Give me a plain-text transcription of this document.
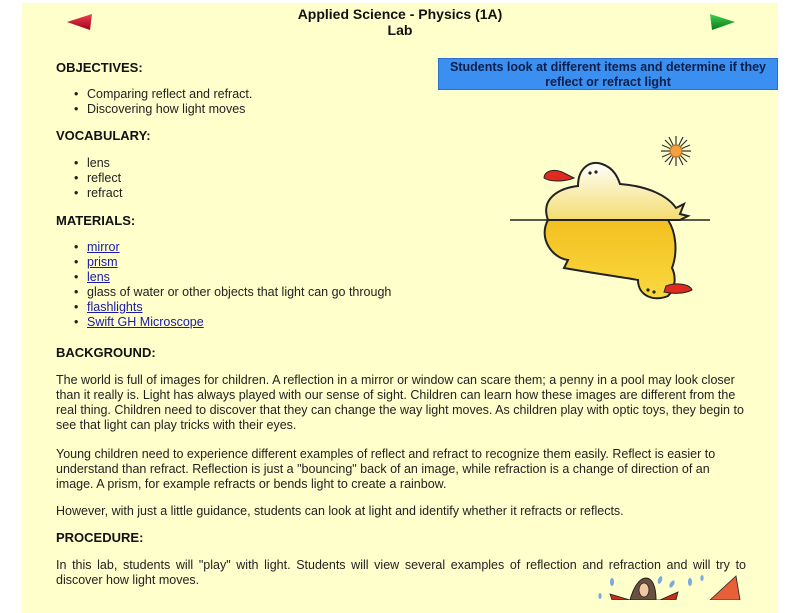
Applied Science - Physics (1A)
Lab
Students look at different items and determine if they reflect or refract light
OBJECTIVES:
• Comparing reflect and refract.
• Discovering how light moves
VOCABULARY:
• lens
• reflect
• refract
MATERIALS:
• mirror
• prism
• lens
• glass of water or other objects that light can go through
• flashlights
• Swift GH Microscope
BACKGROUND:

The world is full of images for children. A reflection in a mirror or window can scare them; a penny in a pool may look closer than it really is. Light has always played with our sense of sight. Children can learn how these images are different from the real thing. Children need to discover that they can change the way light moves. As children play with optic toys, they begin to see that light can play tricks with their eyes.

Young children need to experience different examples of reflect and refract to recognize them easily. Reflect is easier to understand than refract. Reflection is just a "bouncing" back of an image, while refraction is a change of direction of an image. A prism, for example refracts or bends light to create a rainbow.

However, with just a little guidance, students can look at light and identify whether it refracts or reflects.

PROCEDURE:

In this lab, students will "play" with light. Students will view several examples of reflection and refraction and will try to discover how light moves.
